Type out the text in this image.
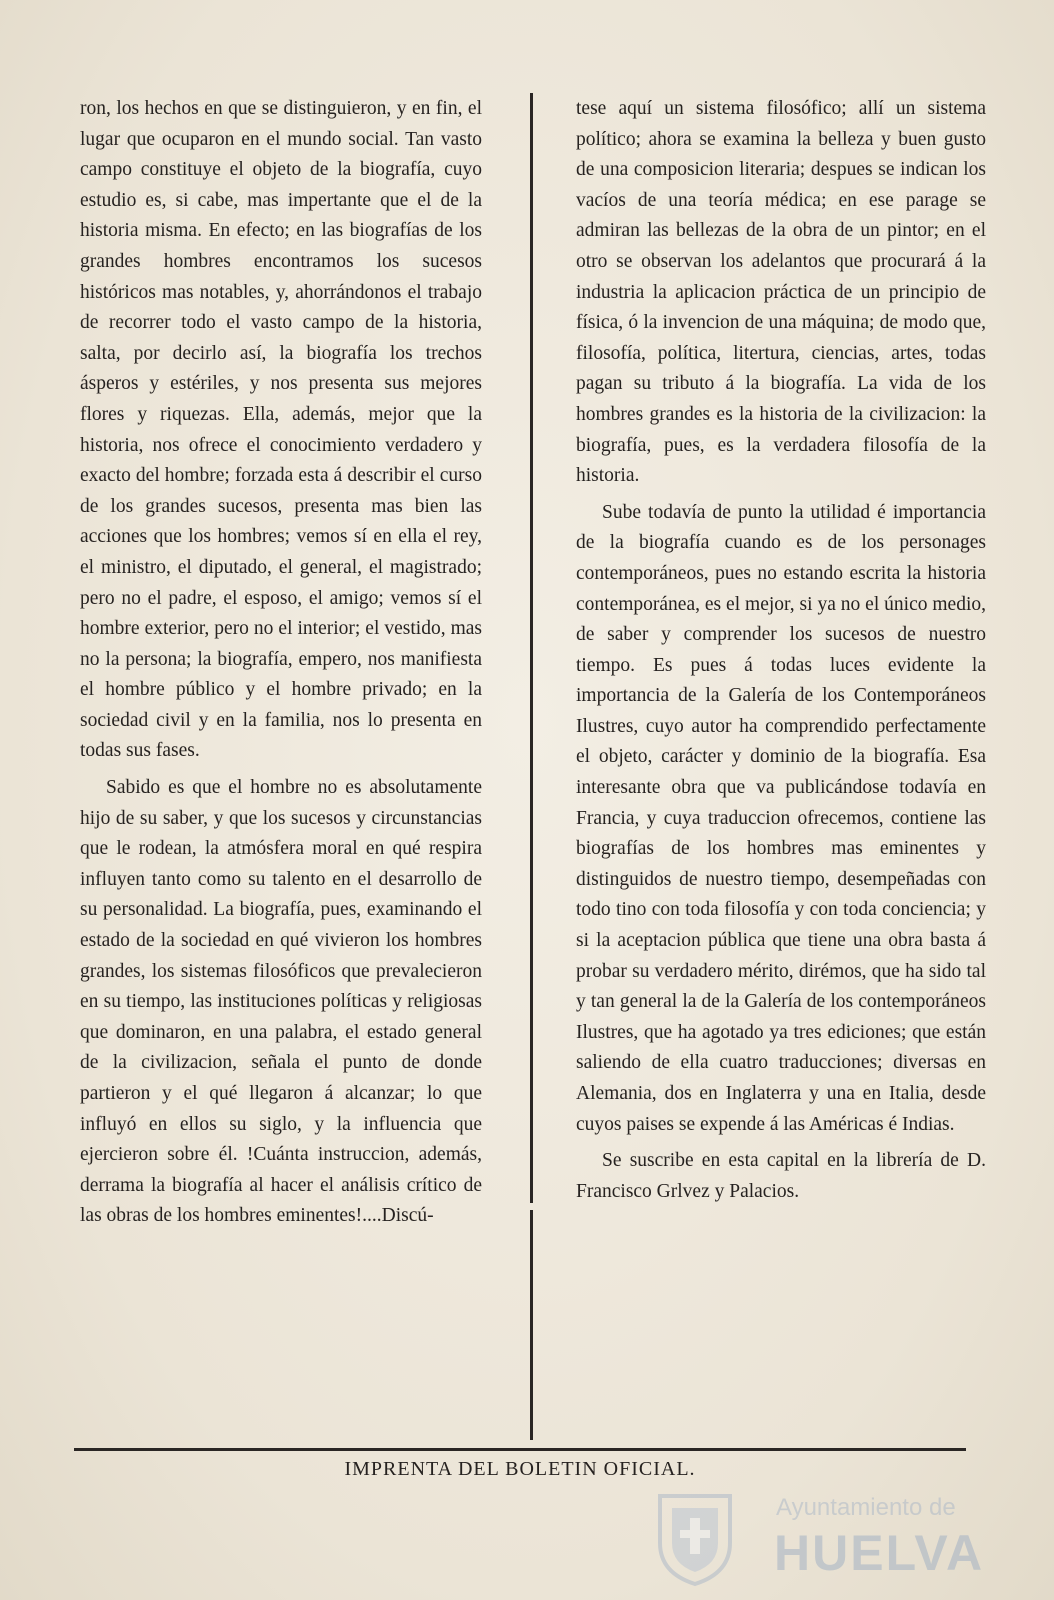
ron, los hechos en que se distinguieron, y en fin, el lugar que ocuparon en el mundo social. Tan vasto campo constituye el objeto de la biografía, cuyo estudio es, si cabe, mas impertante que el de la historia misma. En efecto; en las biografías de los grandes hombres encontramos los sucesos históricos mas notables, y, ahorrándonos el trabajo de recorrer todo el vasto campo de la historia, salta, por decirlo así, la biografía los trechos ásperos y estériles, y nos presenta sus mejores flores y riquezas. Ella, además, mejor que la historia, nos ofrece el conocimiento verdadero y exacto del hombre; forzada esta á describir el curso de los grandes sucesos, presenta mas bien las acciones que los hombres; vemos sí en ella el rey, el ministro, el diputado, el general, el magistrado; pero no el padre, el esposo, el amigo; vemos sí el hombre exterior, pero no el interior; el vestido, mas no la persona; la biografía, empero, nos manifiesta el hombre público y el hombre privado; en la sociedad civil y en la familia, nos lo presenta en todas sus fases.

Sabido es que el hombre no es absolutamente hijo de su saber, y que los sucesos y circunstancias que le rodean, la atmósfera moral en qué respira influyen tanto como su talento en el desarrollo de su personalidad. La biografía, pues, examinando el estado de la sociedad en qué vivieron los hombres grandes, los sistemas filosóficos que prevalecieron en su tiempo, las instituciones políticas y religiosas que dominaron, en una palabra, el estado general de la civilizacion, señala el punto de donde partieron y el qué llegaron á alcanzar; lo que influyó en ellos su siglo, y la influencia que ejercieron sobre él. !Cuánta instruccion, además, derrama la biografía al hacer el análisis crítico de las obras de los hombres eminentes!....Discú-

tese aquí un sistema filosófico; allí un sistema político; ahora se examina la belleza y buen gusto de una composicion literaria; despues se indican los vacíos de una teoría médica; en ese parage se admiran las bellezas de la obra de un pintor; en el otro se observan los adelantos que procurará á la industria la aplicacion práctica de un principio de física, ó la invencion de una máquina; de modo que, filosofía, política, litertura, ciencias, artes, todas pagan su tributo á la biografía. La vida de los hombres grandes es la historia de la civilizacion: la biografía, pues, es la verdadera filosofía de la historia.

Sube todavía de punto la utilidad é importancia de la biografía cuando es de los personages contemporáneos, pues no estando escrita la historia contemporánea, es el mejor, si ya no el único medio, de saber y comprender los sucesos de nuestro tiempo. Es pues á todas luces evidente la importancia de la Galería de los Contemporáneos Ilustres, cuyo autor ha comprendido perfectamente el objeto, carácter y dominio de la biografía. Esa interesante obra que va publicándose todavía en Francia, y cuya traduccion ofrecemos, contiene las biografías de los hombres mas eminentes y distinguidos de nuestro tiempo, desempeñadas con todo tino con toda filosofía y con toda conciencia; y si la aceptacion pública que tiene una obra basta á probar su verdadero mérito, dirémos, que ha sido tal y tan general la de la Galería de los contemporáneos Ilustres, que ha agotado ya tres ediciones; que están saliendo de ella cuatro traducciones; diversas en Alemania, dos en Inglaterra y una en Italia, desde cuyos paises se expende á las Américas é Indias.

Se suscribe en esta capital en la librería de D. Francisco Grlvez y Palacios.

IMPRENTA DEL BOLETIN OFICIAL.
Ayuntamiento de
HUELVA
